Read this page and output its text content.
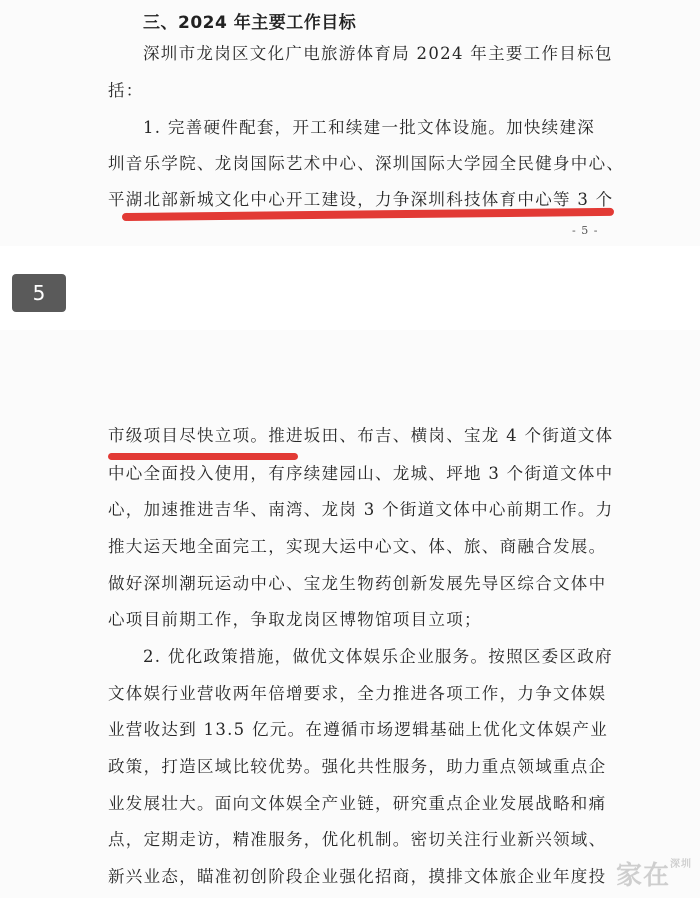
三、2024 年主要工作目标
深圳市龙岗区文化广电旅游体育局 2024 年主要工作目标包
括：
1. 完善硬件配套，开工和续建一批文体设施。加快续建深
圳音乐学院、龙岗国际艺术中心、深圳国际大学园全民健身中心、
平湖北部新城文化中心开工建设，力争深圳科技体育中心等 3 个
- 5 -
5
市级项目尽快立项。推进坂田、布吉、横岗、宝龙 4 个街道文体
中心全面投入使用，有序续建园山、龙城、坪地 3 个街道文体中
心，加速推进吉华、南湾、龙岗 3 个街道文体中心前期工作。力
推大运天地全面完工，实现大运中心文、体、旅、商融合发展。
做好深圳潮玩运动中心、宝龙生物药创新发展先导区综合文体中
心项目前期工作，争取龙岗区博物馆项目立项；
2. 优化政策措施，做优文体娱乐企业服务。按照区委区政府
文体娱行业营收两年倍增要求，全力推进各项工作，力争文体娱
业营收达到 13.5 亿元。在遵循市场逻辑基础上优化文体娱产业
政策，打造区域比较优势。强化共性服务，助力重点领域重点企
业发展壮大。面向文体娱全产业链，研究重点企业发展战略和痛
点，定期走访，精准服务，优化机制。密切关注行业新兴领域、
新兴业态，瞄准初创阶段企业强化招商，摸排文体旅企业年度投 家在$^{深圳}$
